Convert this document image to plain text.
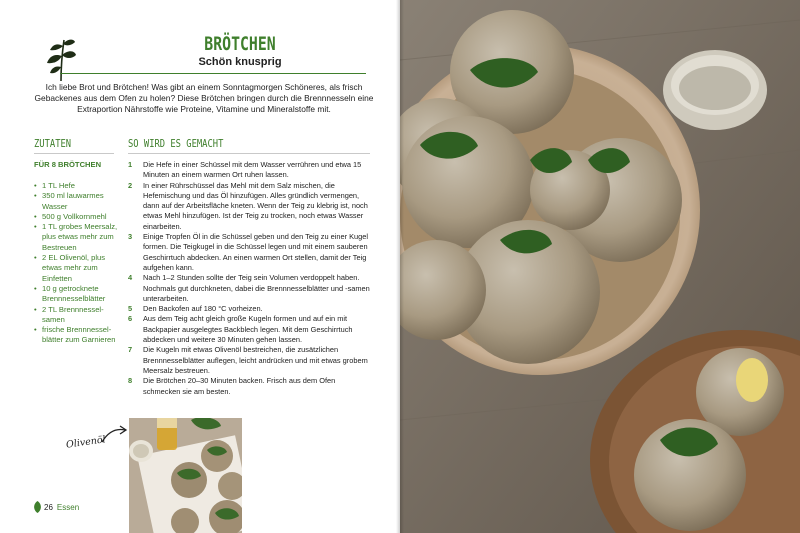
BRÖTCHEN
Schön knusprig
Ich liebe Brot und Brötchen! Was gibt an einem Sonntagmorgen Schöneres, als frisch Gebackenes aus dem Ofen zu holen? Diese Brötchen bringen durch die Brennnesseln eine Extraportion Nährstoffe wie Proteine, Vitamine und Mineralstoffe mit.
ZUTATEN	SO WIRD ES GEMACHT
FÜR 8 BRÖTCHEN
• 1 TL Hefe
• 350 ml lauwarmes Wasser
• 500 g Vollkornmehl
• 1 TL grobes Meersalz, plus etwas mehr zum Bestreuen
• 2 EL Olivenöl, plus etwas mehr zum Einfetten
• 10 g getrocknete Brennnesselblätter
• 2 TL Brennnesselsamen
• frische Brennnesselblätter zum Garnieren
1 Die Hefe in einer Schüssel mit dem Wasser verrühren und etwa 15 Minuten an einem warmen Ort ruhen lassen.
2 In einer Rührschüssel das Mehl mit dem Salz mischen, die Hefemischung und das Öl hinzufügen. Alles gründlich vermengen, dann auf der Arbeitsfläche kneten. Wenn der Teig zu klebrig ist, noch etwas Mehl hinzufügen. Ist der Teig zu trocken, noch etwas Wasser einarbeiten.
3 Einige Tropfen Öl in die Schüssel geben und den Teig zu einer Kugel formen. Die Teigkugel in die Schüssel legen und mit einem sauberen Geschirrtuch abdecken. An einen warmen Ort stellen, damit der Teig aufgehen kann.
4 Nach 1–2 Stunden sollte der Teig sein Volumen verdoppelt haben. Nochmals gut durchkneten, dabei die Brennnesselblätter und -samen unterarbeiten.
5 Den Backofen auf 180 °C vorheizen.
6 Aus dem Teig acht gleich große Kugeln formen und auf ein mit Backpapier ausgelegtes Backblech legen. Mit dem Geschirrtuch abdecken und weitere 30 Minuten gehen lassen.
7 Die Kugeln mit etwas Olivenöl bestreichen, die zusätzlichen Brennnesselblätter auflegen, leicht andrücken und mit etwas grobem Meersalz bestreuen.
8 Die Brötchen 20–30 Minuten backen. Frisch aus dem Ofen schmecken sie am besten.
Olivenöl
26 Essen
